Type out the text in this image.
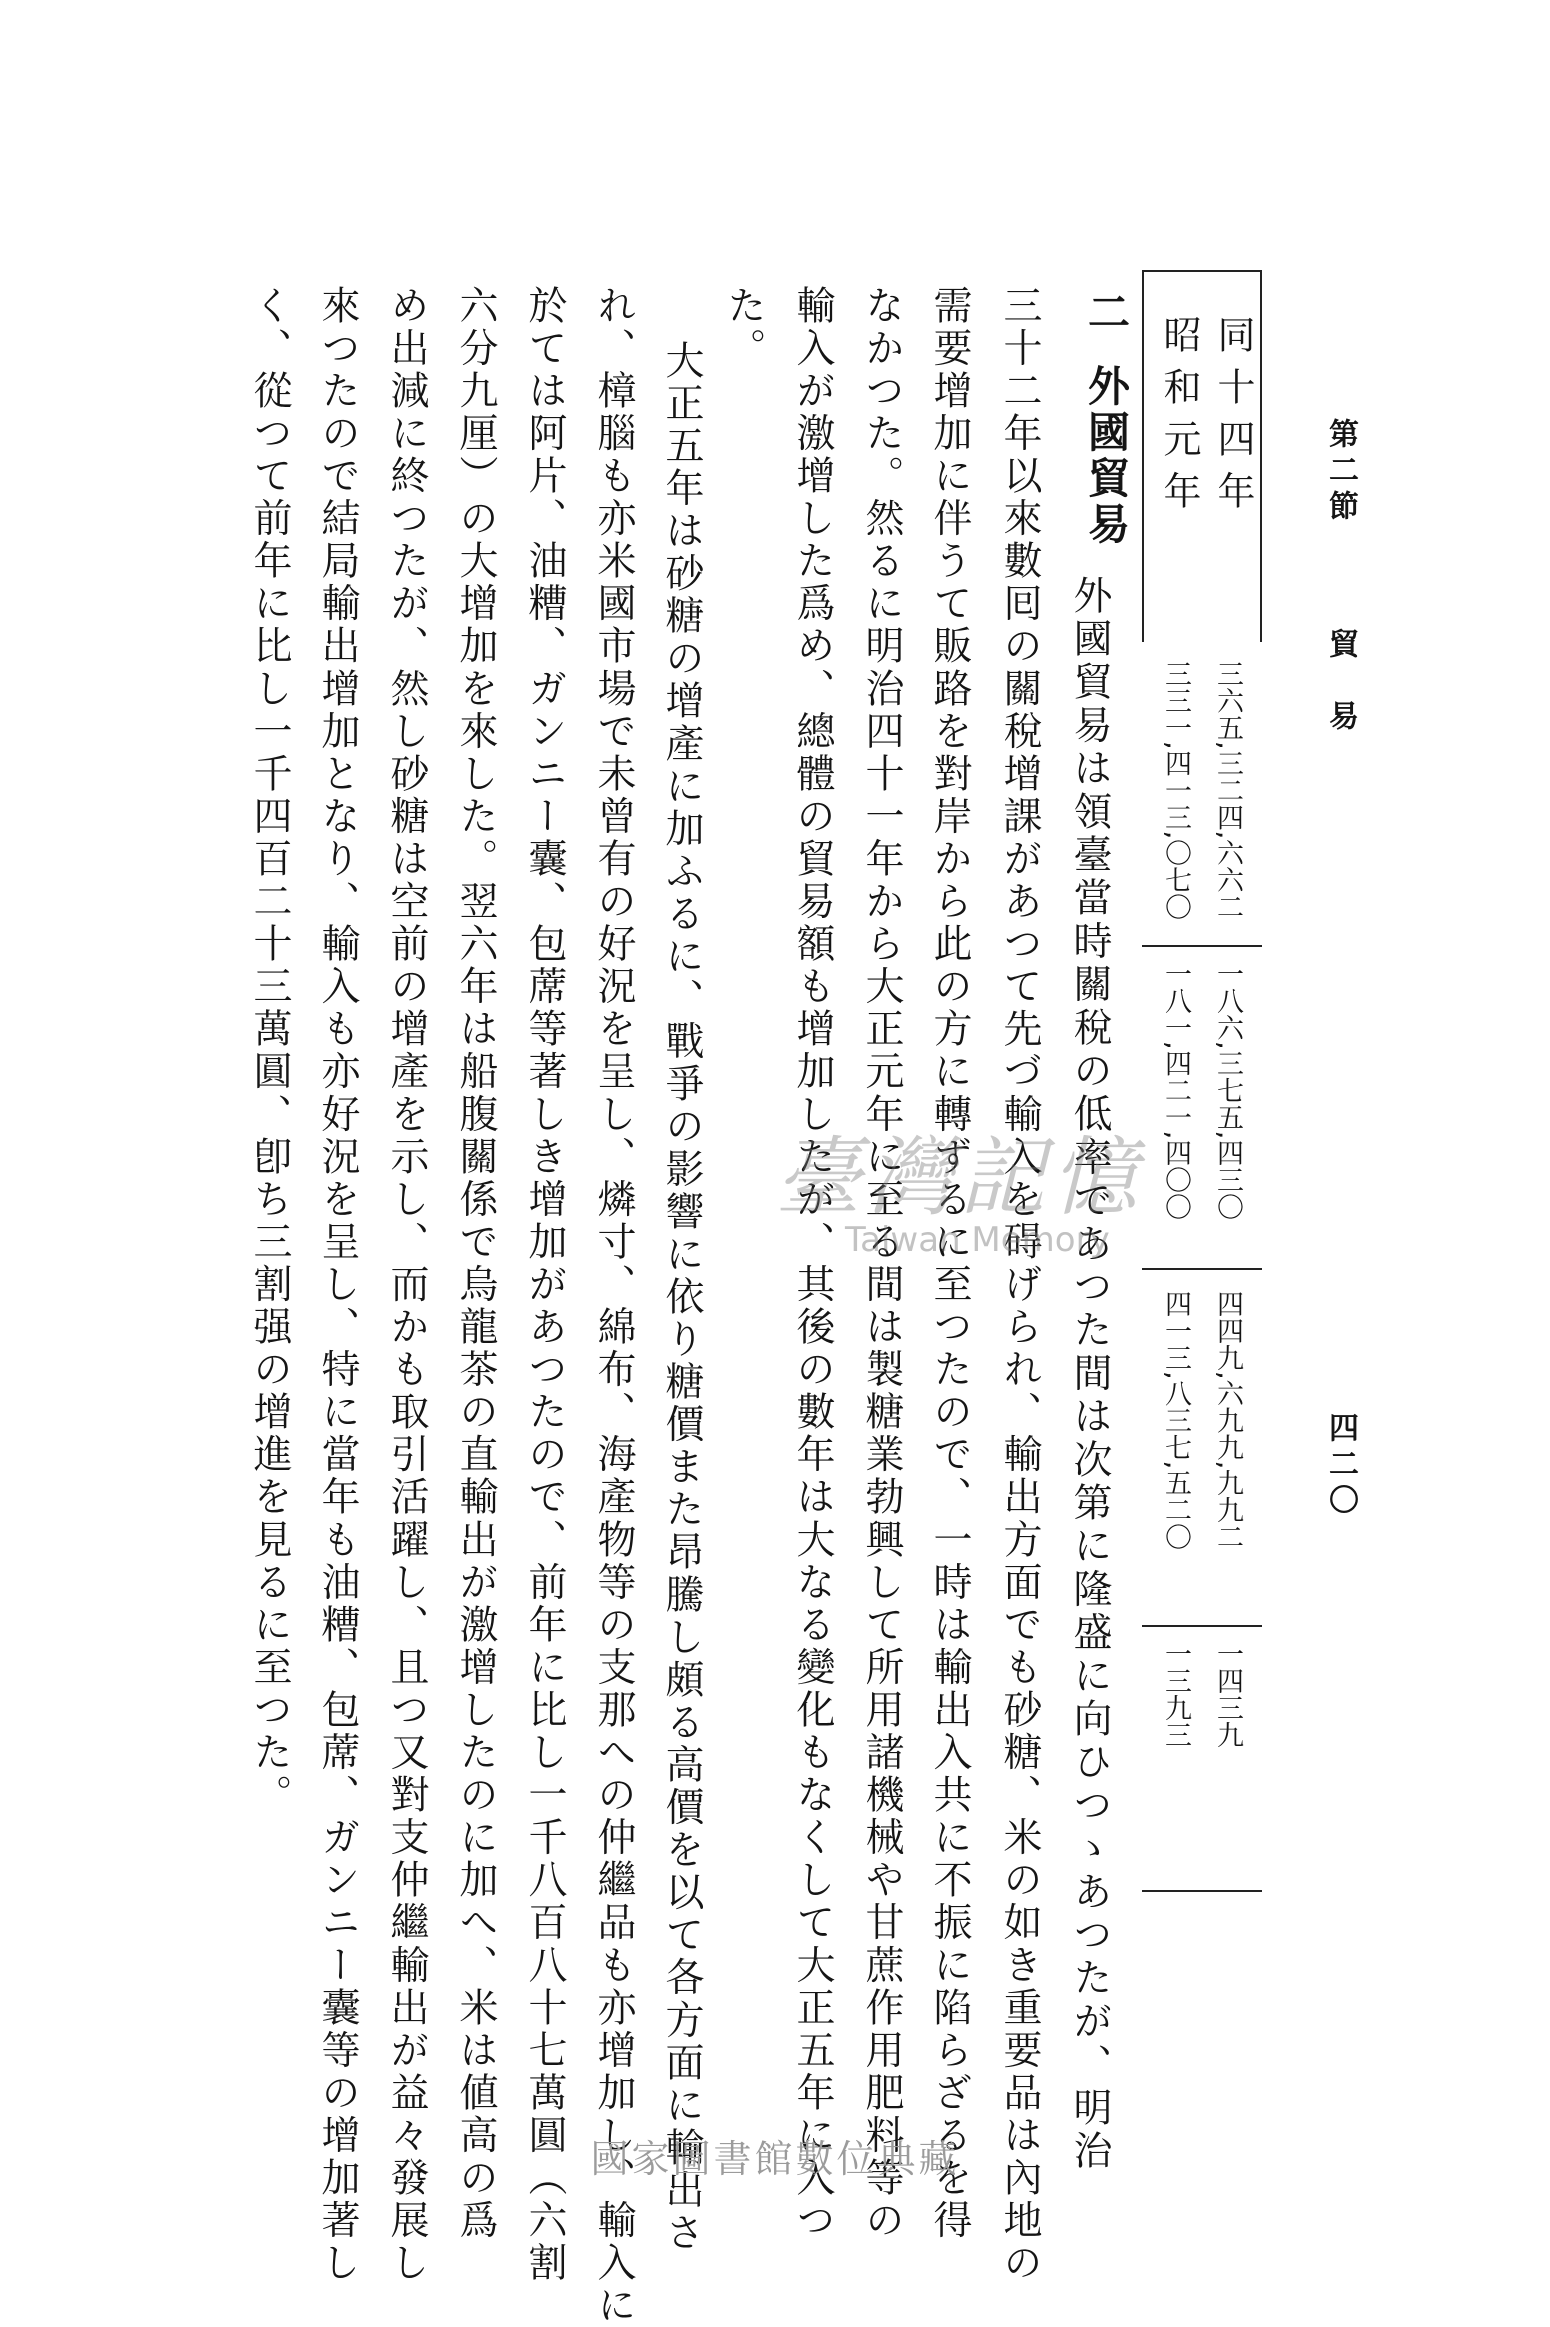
第二節
貿　易
四二〇
同十四年
三六五,三二四,六六二
一八六,三七五,四三〇
四四九,六九九,九九二
一四三九
昭和元年
三三一,四一三,〇七〇
一八一,四二一,四〇〇
四一三,八三七,五二〇
一三九三
二
外國貿易
外國貿易は領臺當時關稅の低率であつた間は次第に隆盛に向ひつゝあつたが、明治
三十二年以來數囘の關稅增課があつて先づ輸入を碍げられ、輸出方面でも砂糖、米の如き重要品は內地の
需要增加に伴うて販路を對岸から此の方に轉ずるに至つたので、一時は輸出入共に不振に陷らざるを得
なかつた。然るに明治四十一年から大正元年に至る間は製糖業勃興して所用諸機械や甘蔗作用肥料等の
輸入が激增した爲め、總體の貿易額も增加したが、其後の數年は大なる變化もなくして大正五年に入つ
た。
大正五年は砂糖の增產に加ふるに、戰爭の影響に依り糖價また昂騰し頗る高價を以て各方面に輸出さ
れ、樟腦も亦米國市場で未曾有の好況を呈し、燐寸、綿布、海產物等の支那への仲繼品も亦增加し、輸入に
於ては阿片、油糟、ガンニー囊、包蓆等著しき增加があつたので、前年に比し一千八百八十七萬圓（六割
六分九厘）の大增加を來した。翌六年は船腹關係で烏龍茶の直輸出が激增したのに加へ、米は値高の爲
め出減に終つたが、然し砂糖は空前の增產を示し、而かも取引活躍し、且つ又對支仲繼輸出が益々發展し
來つたので結局輸出增加となり、輸入も亦好況を呈し、特に當年も油糟、包蓆、ガンニー囊等の增加著し
く、從つて前年に比し一千四百二十三萬圓、卽ち三割强の增進を見るに至つた。	臺灣記憶
Taiwan Memory
國家圖書館數位典藏
